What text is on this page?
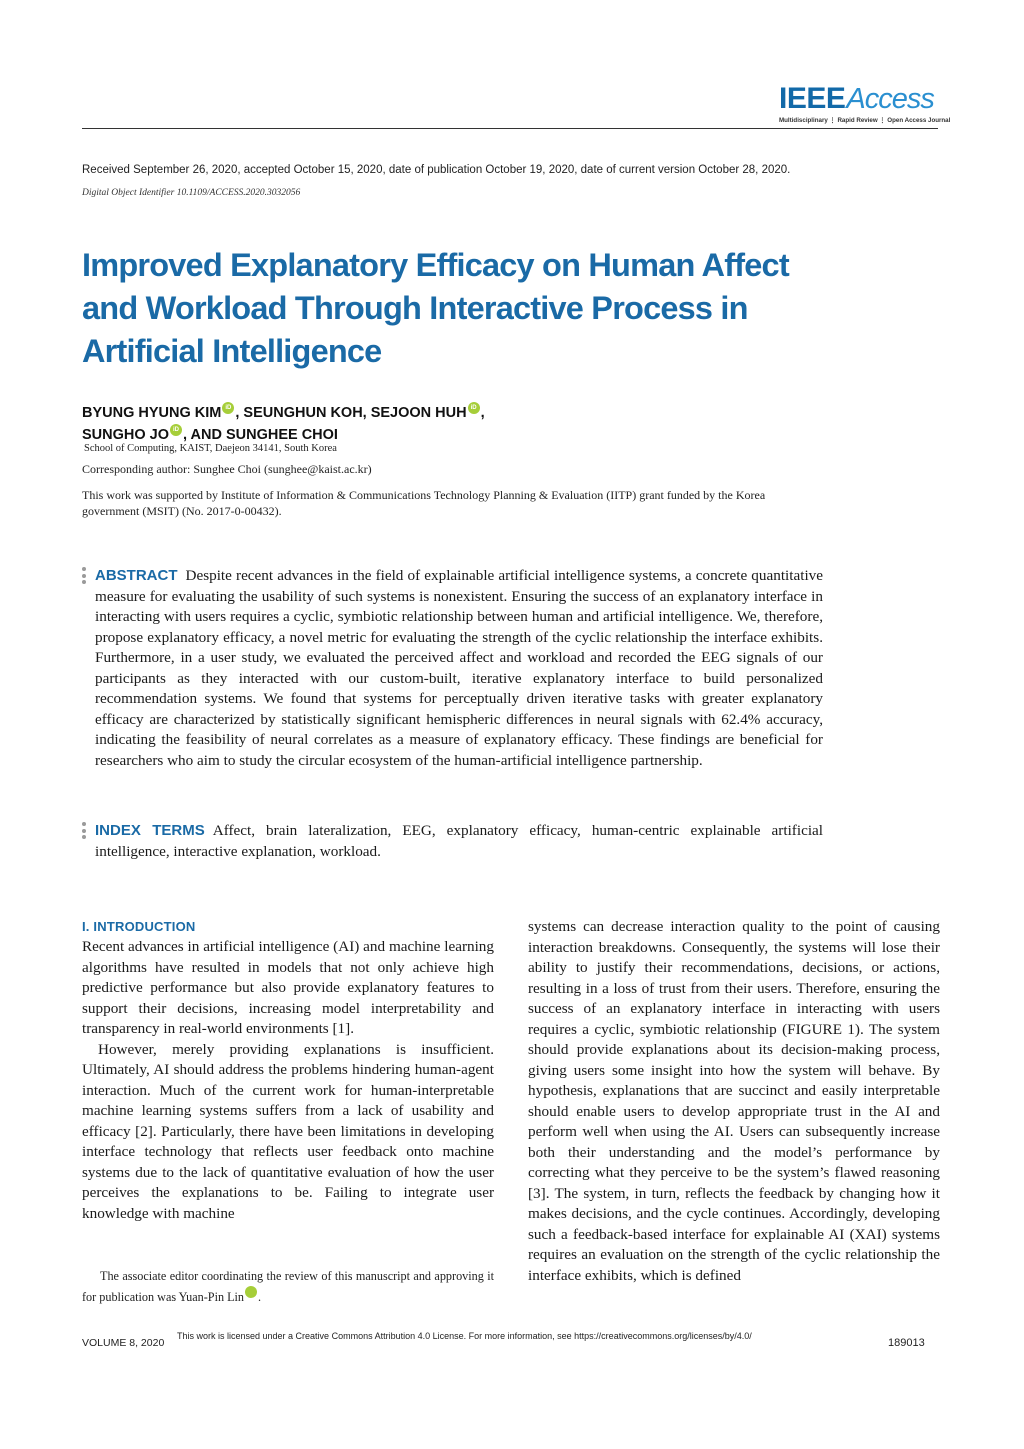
IEEE Access
Multidisciplinary ⋮ Rapid Review ⋮ Open Access Journal
Received September 26, 2020, accepted October 15, 2020, date of publication October 19, 2020, date of current version October 28, 2020.
Digital Object Identifier 10.1109/ACCESS.2020.3032056
Improved Explanatory Efficacy on Human Affect
and Workload Through Interactive Process in
Artificial Intelligence
BYUNG HYUNG KIM iD , SEUNGHUN KOH, SEJOON HUH iD ,
SUNGHO JO iD , AND SUNGHEE CHOI
School of Computing, KAIST, Daejeon 34141, South Korea
Corresponding author: Sunghee Choi (sunghee@kaist.ac.kr)
This work was supported by Institute of Information & Communications Technology Planning & Evaluation (IITP) grant funded by the Korea government (MSIT) (No. 2017-0-00432).

ABSTRACT Despite recent advances in the field of explainable artificial intelligence systems, a concrete quantitative measure for evaluating the usability of such systems is nonexistent. Ensuring the success of an explanatory interface in interacting with users requires a cyclic, symbiotic relationship between human and artificial intelligence. We, therefore, propose explanatory efficacy, a novel metric for evaluating the strength of the cyclic relationship the interface exhibits. Furthermore, in a user study, we evaluated the perceived affect and workload and recorded the EEG signals of our participants as they interacted with our custom-built, iterative explanatory interface to build personalized recommendation systems. We found that systems for perceptually driven iterative tasks with greater explanatory efficacy are characterized by statistically significant hemispheric differences in neural signals with 62.4% accuracy, indicating the feasibility of neural correlates as a measure of explanatory efficacy. These findings are beneficial for researchers who aim to study the circular ecosystem of the human-artificial intelligence partnership.

INDEX TERMS Affect, brain lateralization, EEG, explanatory efficacy, human-centric explainable artificial intelligence, interactive explanation, workload.

I. INTRODUCTION

Recent advances in artificial intelligence (AI) and machine learning algorithms have resulted in models that not only achieve high predictive performance but also provide explanatory features to support their decisions, increasing model interpretability and transparency in real-world environments [1].

However, merely providing explanations is insufficient. Ultimately, AI should address the problems hindering human-agent interaction. Much of the current work for human-interpretable machine learning systems suffers from a lack of usability and efficacy [2]. Particularly, there have been limitations in developing interface technology that reflects user feedback onto machine systems due to the lack of quantitative evaluation of how the user perceives the explanations to be. Failing to integrate user knowledge with machine

systems can decrease interaction quality to the point of causing interaction breakdowns. Consequently, the systems will lose their ability to justify their recommendations, decisions, or actions, resulting in a loss of trust from their users. Therefore, ensuring the success of an explanatory interface in interacting with users requires a cyclic, symbiotic relationship (FIGURE 1). The system should provide explanations about its decision-making process, giving users some insight into how the system will behave. By hypothesis, explanations that are succinct and easily interpretable should enable users to develop appropriate trust in the AI and perform well when using the AI. Users can subsequently increase both their understanding and the model’s performance by correcting what they perceive to be the system’s flawed reasoning [3]. The system, in turn, reflects the feedback by changing how it makes decisions, and the cycle continues. Accordingly, developing such a feedback-based interface for explainable AI (XAI) systems requires an evaluation on the strength of the cyclic relationship the interface exhibits, which is defined

The associate editor coordinating the review of this manuscript and approving it for publication was Yuan-Pin Lin	iD.

VOLUME 8, 2020
This work is licensed under a Creative Commons Attribution 4.0 License. For more information, see https://creativecommons.org/licenses/by/4.0/
189013
